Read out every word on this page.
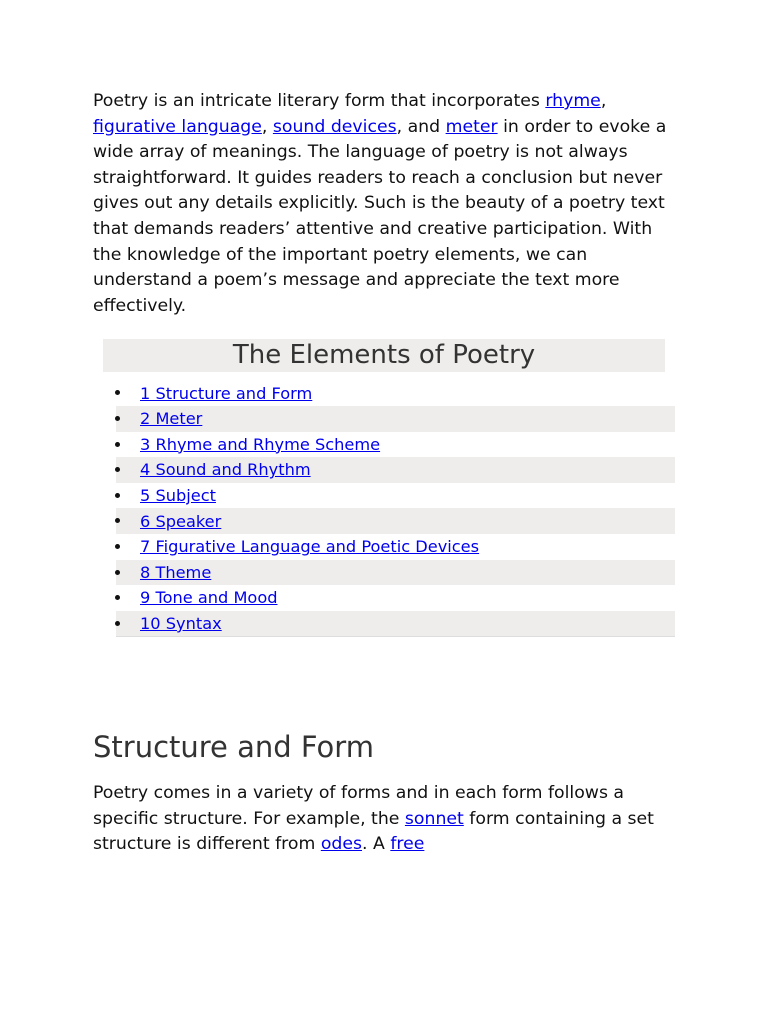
Poetry is an intricate literary form that incorporates rhyme, figurative language, sound devices, and meter in order to evoke a wide array of meanings. The language of poetry is not always straightforward. It guides readers to reach a conclusion but never gives out any details explicitly. Such is the beauty of a poetry text that demands readers’ attentive and creative participation. With the knowledge of the important poetry elements, we can understand a poem’s message and appreciate the text more effectively.

The Elements of Poetry
1 Structure and Form
2 Meter
3 Rhyme and Rhyme Scheme
4 Sound and Rhythm
5 Subject
6 Speaker
7 Figurative Language and Poetic Devices
8 Theme
9 Tone and Mood
10 Syntax
Structure and Form

Poetry comes in a variety of forms and in each form follows a specific structure. For example, the sonnet form containing a set structure is different from odes. A free
